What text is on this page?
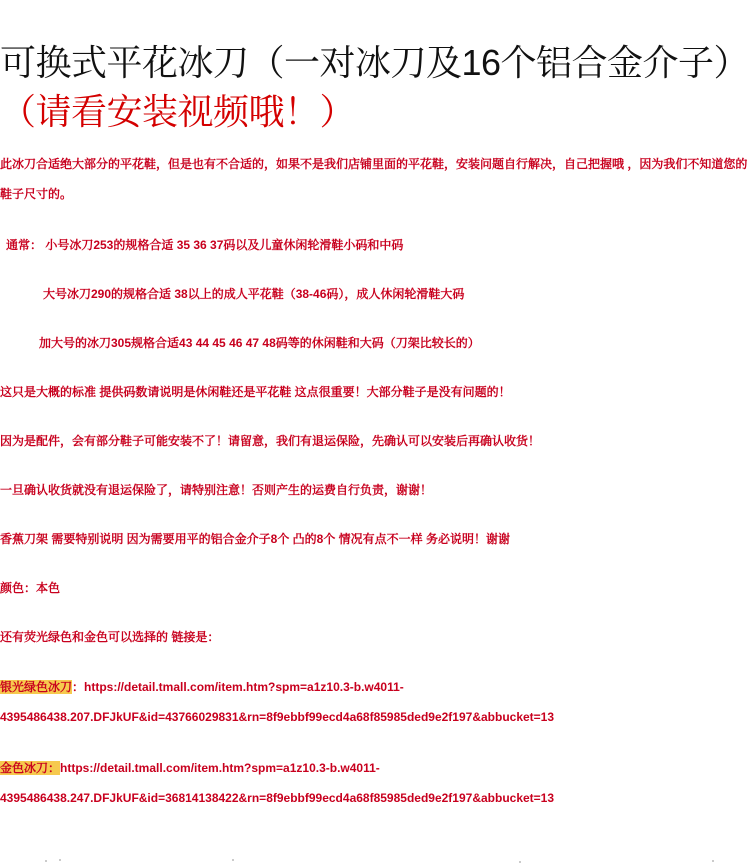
可换式平花冰刀（一对冰刀及16个铝合金介子）（请看安装视频哦！）

此冰刀合适绝大部分的平花鞋，但是也有不合适的，如果不是我们店铺里面的平花鞋，安装问题自行解决，自己把握哦 ，因为我们不知道您的鞋子尺寸的。

通常： 小号冰刀253的规格合适 35 36 37码以及儿童休闲轮滑鞋小码和中码

大号冰刀290的规格合适 38以上的成人平花鞋（38-46码），成人休闲轮滑鞋大码

加大号的冰刀305规格合适43 44 45 46 47 48码等的休闲鞋和大码（刀架比较长的）

这只是大概的标准 提供码数请说明是休闲鞋还是平花鞋 这点很重要！大部分鞋子是没有问题的！

因为是配件，会有部分鞋子可能安装不了！请留意，我们有退运保险，先确认可以安装后再确认收货！

一旦确认收货就没有退运保险了，请特别注意！否则产生的运费自行负责，谢谢！

香蕉刀架 需要特别说明 因为需要用平的铝合金介子8个 凸的8个 情况有点不一样 务必说明！谢谢

颜色：本色

还有荧光绿色和金色可以选择的 链接是：

银光绿色冰刀：https://detail.tmall.com/item.htm?spm=a1z10.3-b.w4011-4395486438.207.DFJkUF&id=43766029831&rn=8f9ebbf99ecd4a68f85985ded9e2f197&abbucket=13

金色冰刀：https://detail.tmall.com/item.htm?spm=a1z10.3-b.w4011-4395486438.247.DFJkUF&id=36814138422&rn=8f9ebbf99ecd4a68f85985ded9e2f197&abbucket=13
